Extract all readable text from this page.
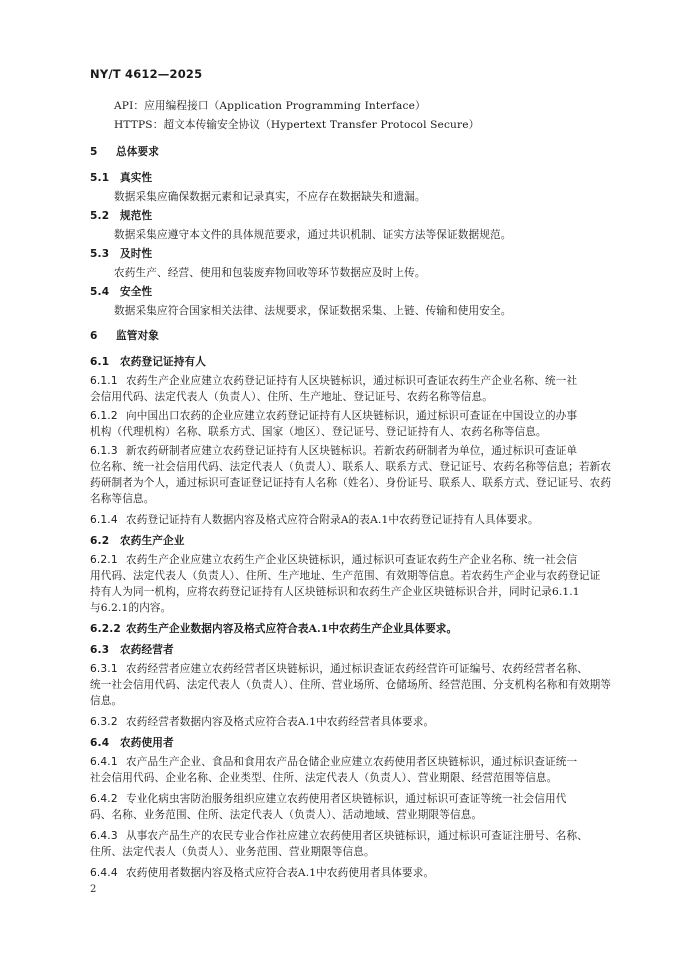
NY/T 4612—2025
API：应用编程接口（Application Programming Interface）
HTTPS：超文本传输安全协议（Hypertext Transfer Protocol Secure）
5 总体要求
5.1 真实性
数据采集应确保数据元素和记录真实，不应存在数据缺失和遗漏。
5.2 规范性
数据采集应遵守本文件的具体规范要求，通过共识机制、证实方法等保证数据规范。
5.3 及时性
农药生产、经营、使用和包装废弃物回收等环节数据应及时上传。
5.4 安全性
数据采集应符合国家相关法律、法规要求，保证数据采集、上链、传输和使用安全。
6 监管对象
6.1 农药登记证持有人
6.1.1 农药生产企业应建立农药登记证持有人区块链标识，通过标识可查证农药生产企业名称、统一社
会信用代码、法定代表人（负责人）、住所、生产地址、登记证号、农药名称等信息。
6.1.2 向中国出口农药的企业应建立农药登记证持有人区块链标识，通过标识可查证在中国设立的办事
机构（代理机构）名称、联系方式、国家（地区）、登记证号、登记证持有人、农药名称等信息。
6.1.3 新农药研制者应建立农药登记证持有人区块链标识。若新农药研制者为单位，通过标识可查证单
位名称、统一社会信用代码、法定代表人（负责人）、联系人、联系方式、登记证号、农药名称等信息；若新农
药研制者为个人，通过标识可查证登记证持有人名称（姓名）、身份证号、联系人、联系方式、登记证号、农药
名称等信息。
6.1.4 农药登记证持有人数据内容及格式应符合附录A的表A.1中农药登记证持有人具体要求。
6.2 农药生产企业
6.2.1 农药生产企业应建立农药生产企业区块链标识，通过标识可查证农药生产企业名称、统一社会信
用代码、法定代表人（负责人）、住所、生产地址、生产范围、有效期等信息。若农药生产企业与农药登记证
持有人为同一机构，应将农药登记证持有人区块链标识和农药生产企业区块链标识合并，同时记录6.1.1
与6.2.1的内容。
6.2.2 农药生产企业数据内容及格式应符合表A.1中农药生产企业具体要求。
6.3 农药经营者
6.3.1 农药经营者应建立农药经营者区块链标识，通过标识查证农药经营许可证编号、农药经营者名称、
统一社会信用代码、法定代表人（负责人）、住所、营业场所、仓储场所、经营范围、分支机构名称和有效期等
信息。
6.3.2 农药经营者数据内容及格式应符合表A.1中农药经营者具体要求。
6.4 农药使用者
6.4.1 农产品生产企业、食品和食用农产品仓储企业应建立农药使用者区块链标识，通过标识查证统一
社会信用代码、企业名称、企业类型、住所、法定代表人（负责人）、营业期限、经营范围等信息。
6.4.2 专业化病虫害防治服务组织应建立农药使用者区块链标识，通过标识可查证等统一社会信用代
码、名称、业务范围、住所、法定代表人（负责人）、活动地域、营业期限等信息。
6.4.3 从事农产品生产的农民专业合作社应建立农药使用者区块链标识，通过标识可查证注册号、名称、
住所、法定代表人（负责人）、业务范围、营业期限等信息。
6.4.4 农药使用者数据内容及格式应符合表A.1中农药使用者具体要求。
2
